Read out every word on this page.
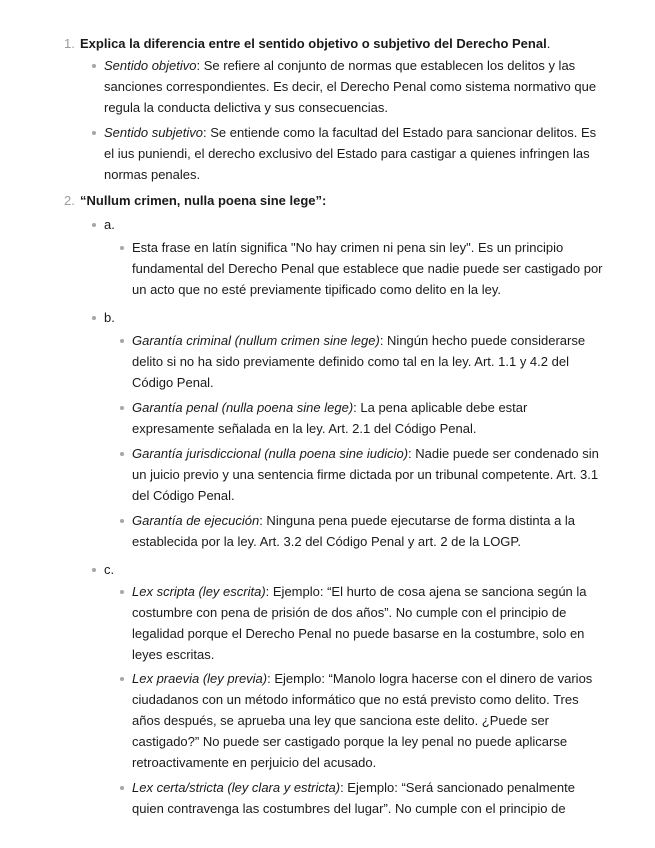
1. Explica la diferencia entre el sentido objetivo o subjetivo del Derecho Penal.

Sentido objetivo: Se refiere al conjunto de normas que establecen los delitos y las sanciones correspondientes. Es decir, el Derecho Penal como sistema normativo que regula la conducta delictiva y sus consecuencias.

Sentido subjetivo: Se entiende como la facultad del Estado para sancionar delitos. Es el ius puniendi, el derecho exclusivo del Estado para castigar a quienes infringen las normas penales.

2. “Nullum crimen, nulla poena sine lege”:

a.

Esta frase en latín significa "No hay crimen ni pena sin ley". Es un principio fundamental del Derecho Penal que establece que nadie puede ser castigado por un acto que no esté previamente tipificado como delito en la ley.

b.

Garantía criminal (nullum crimen sine lege): Ningún hecho puede considerarse delito si no ha sido previamente definido como tal en la ley. Art. 1.1 y 4.2 del Código Penal.

Garantía penal (nulla poena sine lege): La pena aplicable debe estar expresamente señalada en la ley. Art. 2.1 del Código Penal.

Garantía jurisdiccional (nulla poena sine iudicio): Nadie puede ser condenado sin un juicio previo y una sentencia firme dictada por un tribunal competente. Art. 3.1 del Código Penal.

Garantía de ejecución: Ninguna pena puede ejecutarse de forma distinta a la establecida por la ley. Art. 3.2 del Código Penal y art. 2 de la LOGP.

c.

Lex scripta (ley escrita): Ejemplo: “El hurto de cosa ajena se sanciona según la costumbre con pena de prisión de dos años”. No cumple con el principio de legalidad porque el Derecho Penal no puede basarse en la costumbre, solo en leyes escritas.

Lex praevia (ley previa): Ejemplo: “Manolo logra hacerse con el dinero de varios ciudadanos con un método informático que no está previsto como delito. Tres años después, se aprueba una ley que sanciona este delito. ¿Puede ser castigado?” No puede ser castigado porque la ley penal no puede aplicarse retroactivamente en perjuicio del acusado.

Lex certa/stricta (ley clara y estricta): Ejemplo: “Será sancionado penalmente quien contravenga las costumbres del lugar”. No cumple con el principio de
